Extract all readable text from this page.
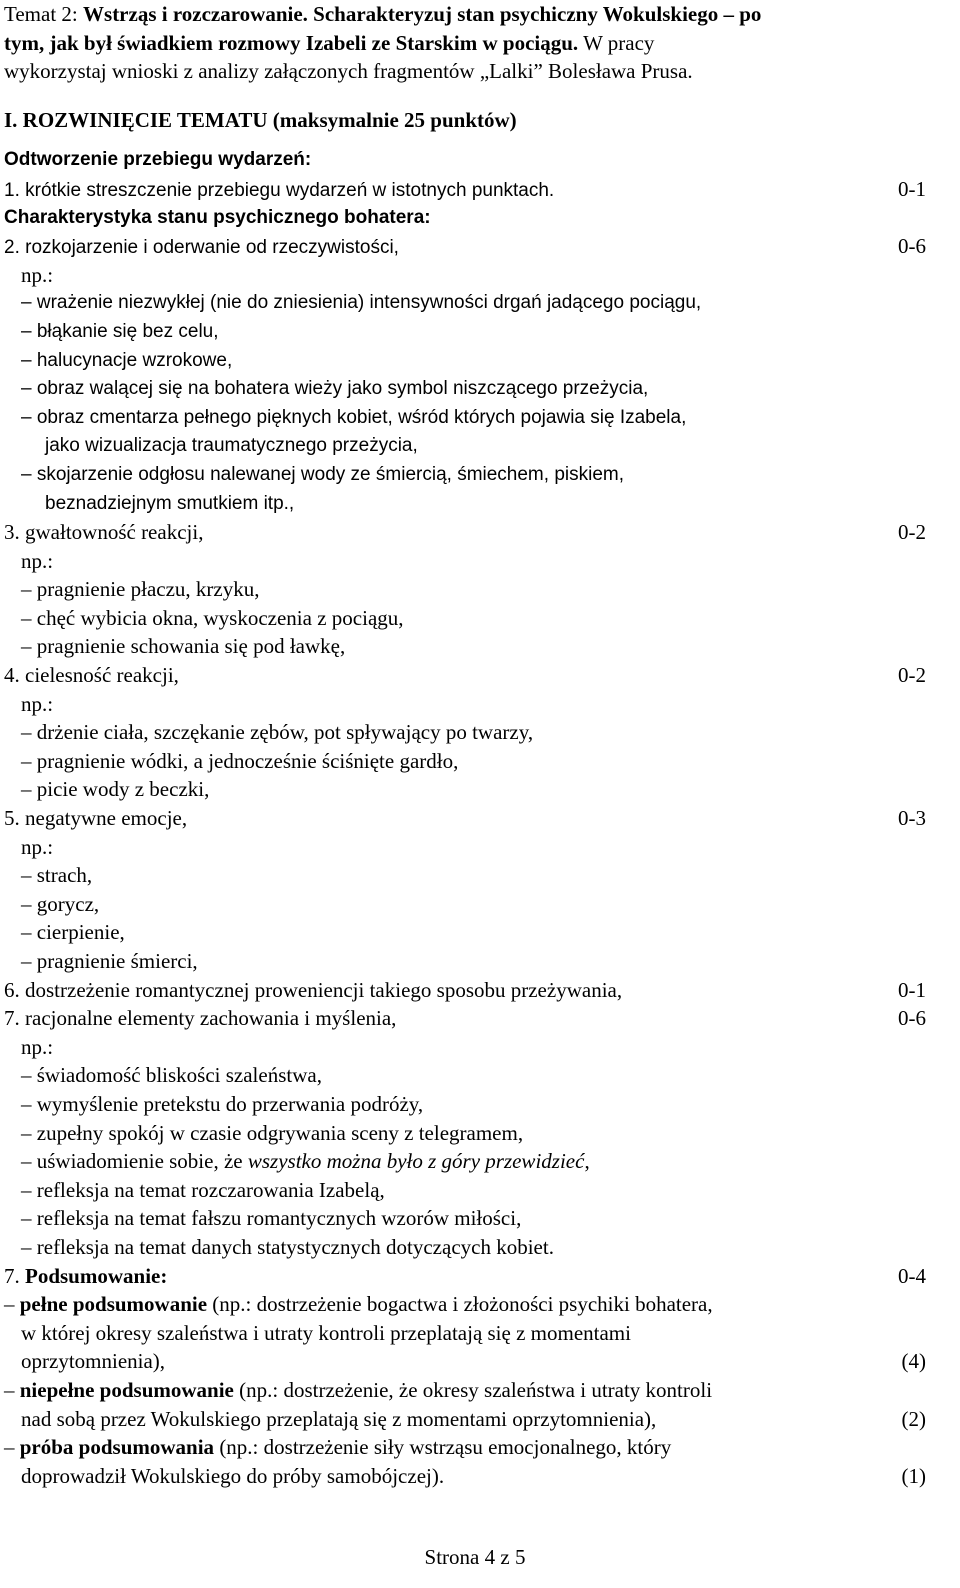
Temat 2: Wstrząs i rozczarowanie. Scharakteryzuj stan psychiczny Wokulskiego – po
tym, jak był świadkiem rozmowy Izabeli ze Starskim w pociągu. W pracy
wykorzystaj wnioski z analizy załączonych fragmentów „Lalki” Bolesława Prusa.
I. ROZWINIĘCIE TEMATU (maksymalnie 25 punktów)
Odtworzenie przebiegu wydarzeń:
1. krótkie streszczenie przebiegu wydarzeń w istotnych punktach.	0-1
Charakterystyka stanu psychicznego bohatera:
2. rozkojarzenie i oderwanie od rzeczywistości,	0-6
np.:
– wrażenie niezwykłej (nie do zniesienia) intensywności drgań jadącego pociągu,
– błąkanie się bez celu,
– halucynacje wzrokowe,
– obraz walącej się na bohatera wieży jako symbol niszczącego przeżycia,
– obraz cmentarza pełnego pięknych kobiet, wśród których pojawia się Izabela,
jako wizualizacja traumatycznego przeżycia,
– skojarzenie odgłosu nalewanej wody ze śmiercią, śmiechem, piskiem,
beznadziejnym smutkiem itp.,
3. gwałtowność reakcji,	0-2
np.:
– pragnienie płaczu, krzyku,
– chęć wybicia okna, wyskoczenia z pociągu,
– pragnienie schowania się pod ławkę,
4. cielesność reakcji,	0-2
np.:
– drżenie ciała, szczękanie zębów, pot spływający po twarzy,
– pragnienie wódki, a jednocześnie ściśnięte gardło,
– picie wody z beczki,
5. negatywne emocje,	0-3
np.:
– strach,
– gorycz,
– cierpienie,
– pragnienie śmierci,
6. dostrzeżenie romantycznej proweniencji takiego sposobu przeżywania,	0-1
7. racjonalne elementy zachowania i myślenia,	0-6
np.:
– świadomość bliskości szaleństwa,
– wymyślenie pretekstu do przerwania podróży,
– zupełny spokój w czasie odgrywania sceny z telegramem,
– uświadomienie sobie, że wszystko można było z góry przewidzieć,
– refleksja na temat rozczarowania Izabelą,
– refleksja na temat fałszu romantycznych wzorów miłości,
– refleksja na temat danych statystycznych dotyczących kobiet.
7. Podsumowanie:	0-4
– pełne podsumowanie (np.: dostrzeżenie bogactwa i złożoności psychiki bohatera,
w której okresy szaleństwa i utraty kontroli przeplatają się z momentami
oprzytomnienia),	(4)
– niepełne podsumowanie (np.: dostrzeżenie, że okresy szaleństwa i utraty kontroli
nad sobą przez Wokulskiego przeplatają się z momentami oprzytomnienia),	(2)
– próba podsumowania (np.: dostrzeżenie siły wstrząsu emocjonalnego, który
doprowadził Wokulskiego do próby samobójczej).	(1)
Strona 4 z 5
